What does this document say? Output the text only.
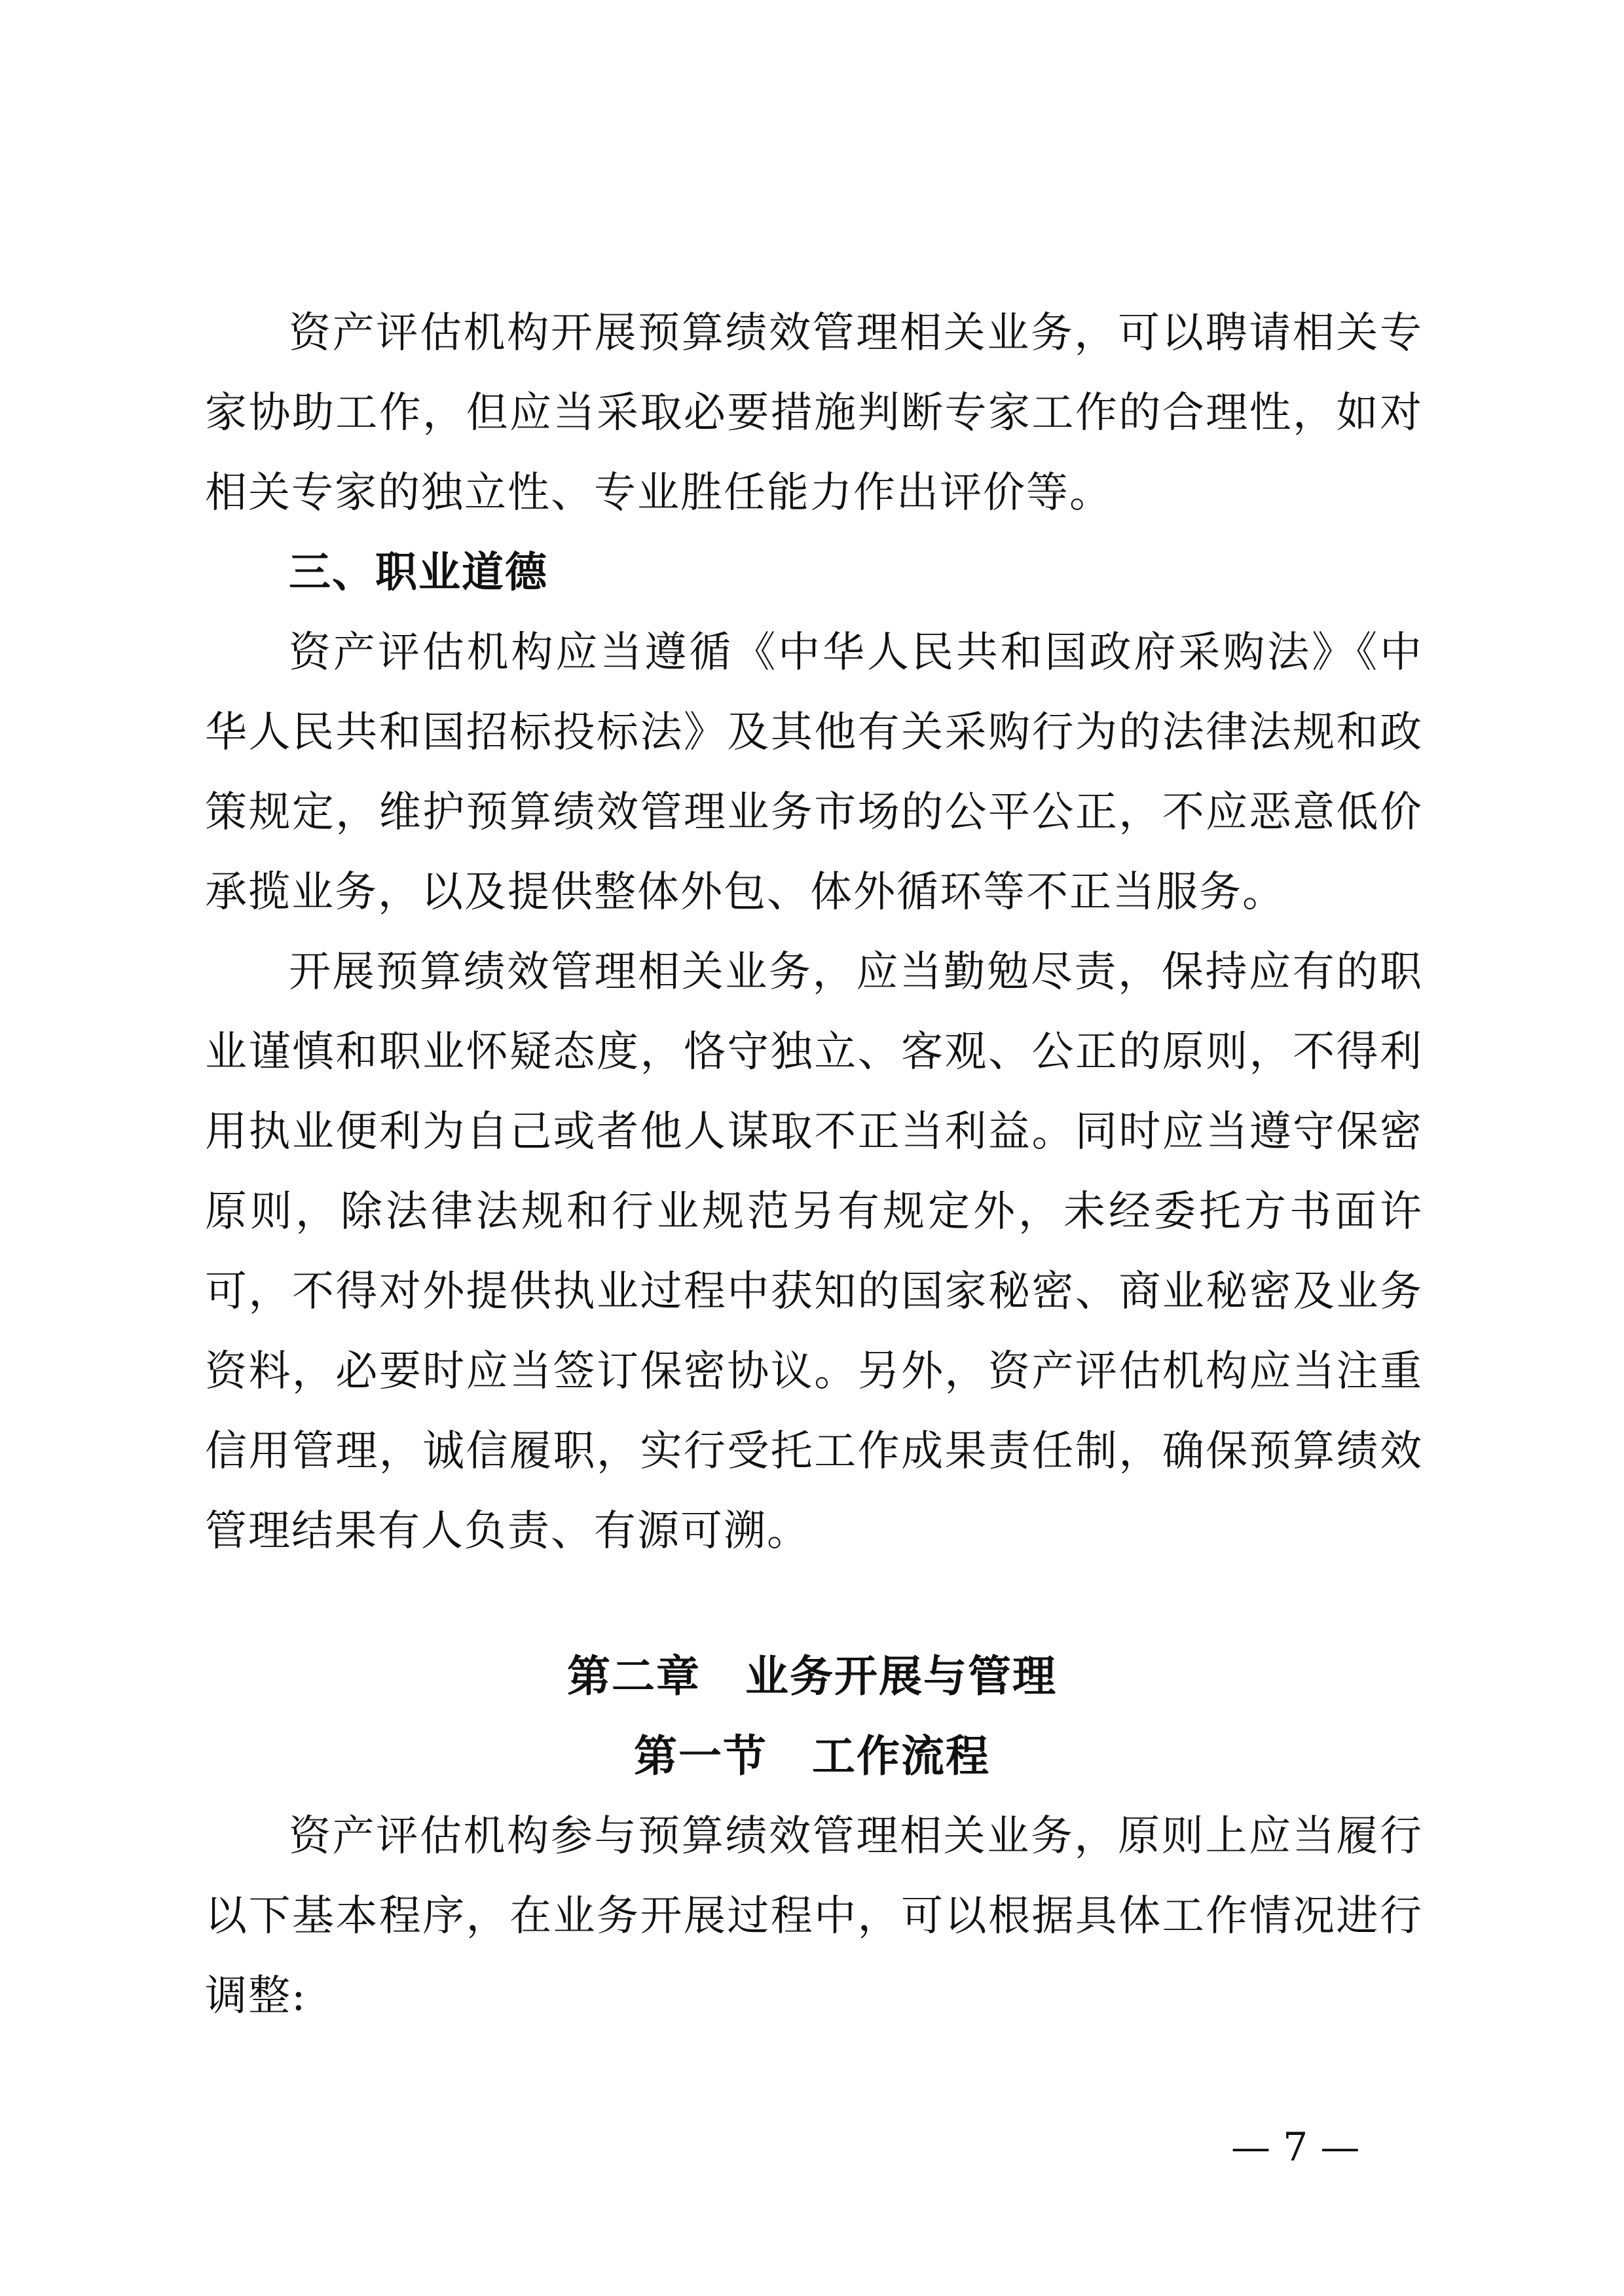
资产评估机构开展预算绩效管理相关业务，可以聘请相关专家协助工作，但应当采取必要措施判断专家工作的合理性，如对相关专家的独立性、专业胜任能力作出评价等。

三、职业道德

资产评估机构应当遵循《中华人民共和国政府采购法》《中华人民共和国招标投标法》及其他有关采购行为的法律法规和政策规定，维护预算绩效管理业务市场的公平公正，不应恶意低价承揽业务，以及提供整体外包、体外循环等不正当服务。

开展预算绩效管理相关业务，应当勤勉尽责，保持应有的职业谨慎和职业怀疑态度，恪守独立、客观、公正的原则，不得利用执业便利为自己或者他人谋取不正当利益。同时应当遵守保密原则，除法律法规和行业规范另有规定外，未经委托方书面许可，不得对外提供执业过程中获知的国家秘密、商业秘密及业务资料，必要时应当签订保密协议。另外，资产评估机构应当注重信用管理，诚信履职，实行受托工作成果责任制，确保预算绩效管理结果有人负责、有源可溯。

第二章　业务开展与管理

第一节　工作流程

资产评估机构参与预算绩效管理相关业务，原则上应当履行以下基本程序，在业务开展过程中，可以根据具体工作情况进行调整:

— 7 —
